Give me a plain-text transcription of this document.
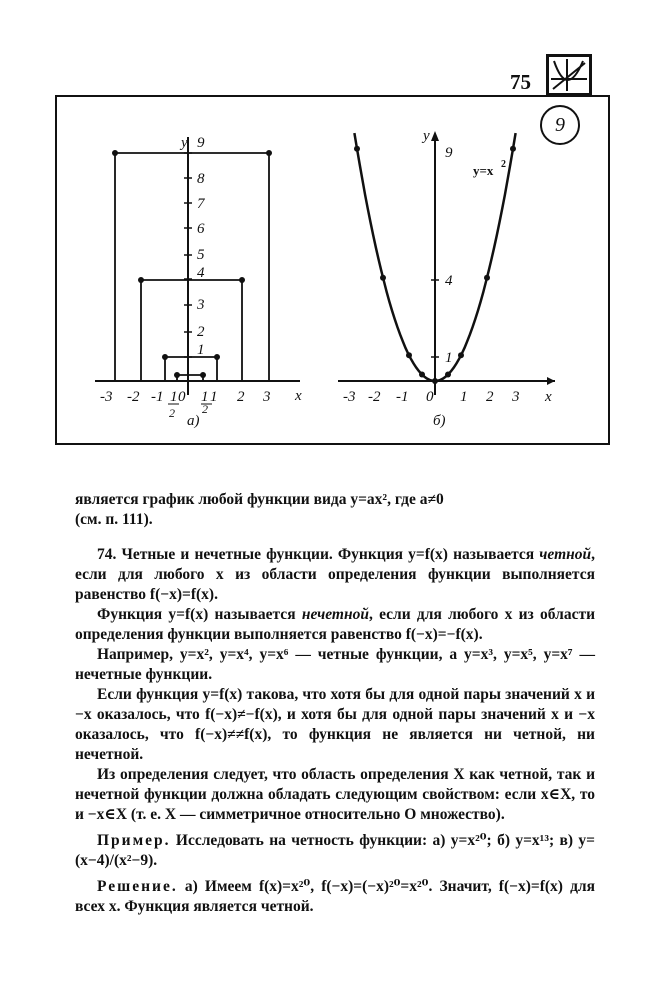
75
9
y
x
9
8
7
6
5
4
3
2
1
-3 -2 -1 1 0 1 1 2 3
2 2
а)
y
x
9
4
1
y=x 2
-3 -2 -1 0 1 2 3
б)

является график любой функции вида y=ax², где a≠0

(см. п. 111).

74. Четные и нечетные функции. Функция y=f(x) называется четной, если для любого x из области определения функции выполняется равенство f(−x)=f(x).

Функция y=f(x) называется нечетной, если для любого x из области определения функции выполняется равенство f(−x)=−f(x).

Например, y=x², y=x⁴, y=x⁶ — четные функции, а y=x³, y=x⁵, y=x⁷ — нечетные функции.

Если функция y=f(x) такова, что хотя бы для одной пары значений x и −x оказалось, что f(−x)≠−f(x), и хотя бы для одной пары значений x и −x оказалось, что f(−x)≠≠f(x), то функция не является ни четной, ни нечетной.

Из определения следует, что область определения X как четной, так и нечетной функции должна обладать следующим свойством: если x∈X, то и −x∈X (т. е. X — симметричное относительно O множество).

Пример. Исследовать на четность функции: а) y=x²⁰; б) y=x¹³; в) y=(x−4)/(x²−9).

Решение. а) Имеем f(x)=x²⁰, f(−x)=(−x)²⁰=x²⁰. Значит, f(−x)=f(x) для всех x. Функция является четной.
